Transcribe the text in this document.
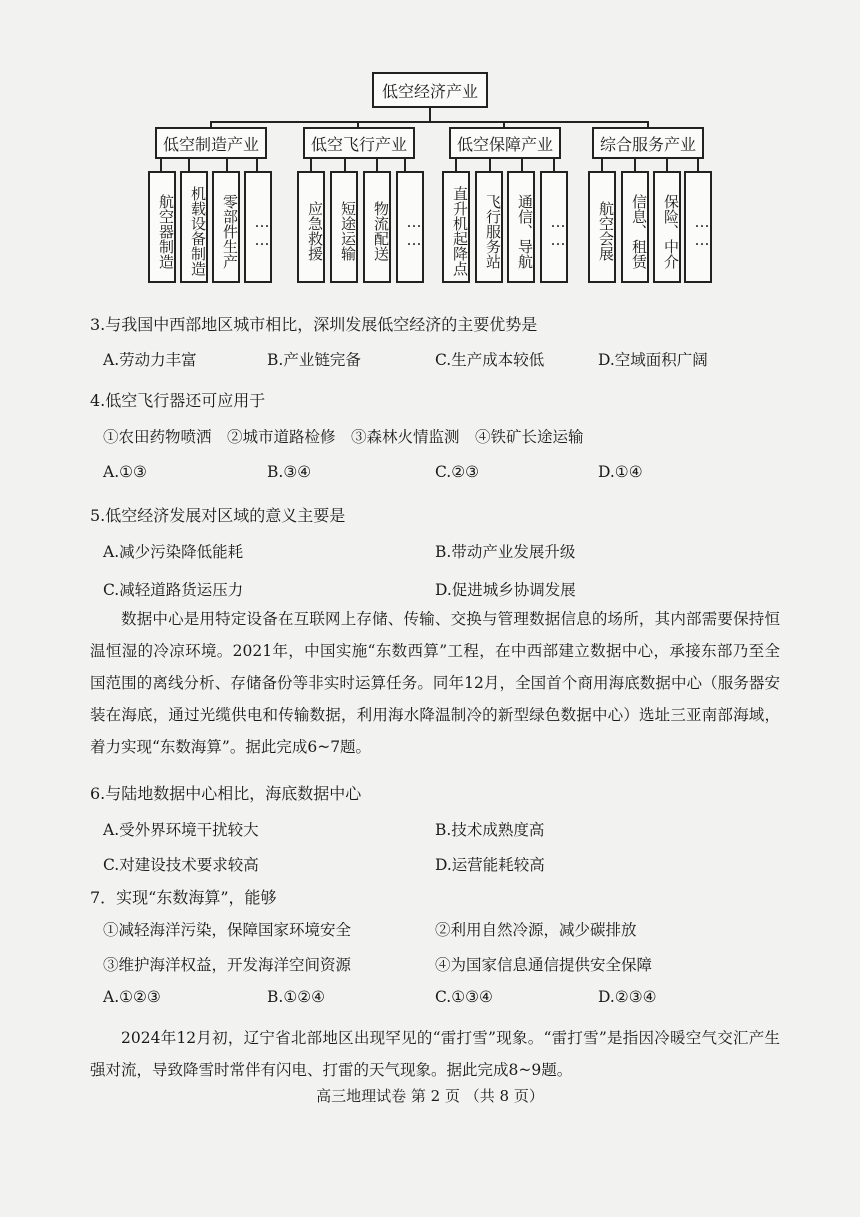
低空经济产业
低空制造产业
航空器制造 机载设备制造 零部件生产 ……
低空飞行产业
应急救援	短途运输	物流配送	……
低空保障产业
直升机起降点	飞行服务站 通信、导航	……
综合服务产业
航空会展	信息、租赁 保险、中介 ……
3.与我国中西部地区城市相比，深圳发展低空经济的主要优势是
A.劳动力丰富	B.产业链完备	C.生产成本较低	D.空域面积广阔
4.低空飞行器还可应用于
①农田药物喷洒　②城市道路检修　③森林火情监测　④铁矿长途运输
A.①③	B.③④	C.②③	D.①④
5.低空经济发展对区域的意义主要是
A.减少污染降低能耗	B.带动产业发展升级
C.减轻道路货运压力	D.促进城乡协调发展

数据中心是用特定设备在互联网上存储、传输、交换与管理数据信息的场所，其内部需要保持恒温恒湿的冷凉环境。2021年，中国实施“东数西算”工程，在中西部建立数据中心，承接东部乃至全国范围的离线分析、存储备份等非实时运算任务。同年12月，全国首个商用海底数据中心（服务器安装在海底，通过光缆供电和传输数据，利用海水降温制冷的新型绿色数据中心）选址三亚南部海域，着力实现“东数海算”。据此完成6~7题。

6.与陆地数据中心相比，海底数据中心
A.受外界环境干扰较大	B.技术成熟度高
C.对建设技术要求较高	D.运营能耗较高
7．实现“东数海算”，能够
①减轻海洋污染，保障国家环境安全	②利用自然冷源，减少碳排放
③维护海洋权益，开发海洋空间资源	④为国家信息通信提供安全保障
A.①②③	B.①②④	C.①③④	D.②③④

2024年12月初，辽宁省北部地区出现罕见的“雷打雪”现象。“雷打雪”是指因冷暖空气交汇产生强对流，导致降雪时常伴有闪电、打雷的天气现象。据此完成8~9题。

高三地理试卷 第 2 页 （共 8 页）
